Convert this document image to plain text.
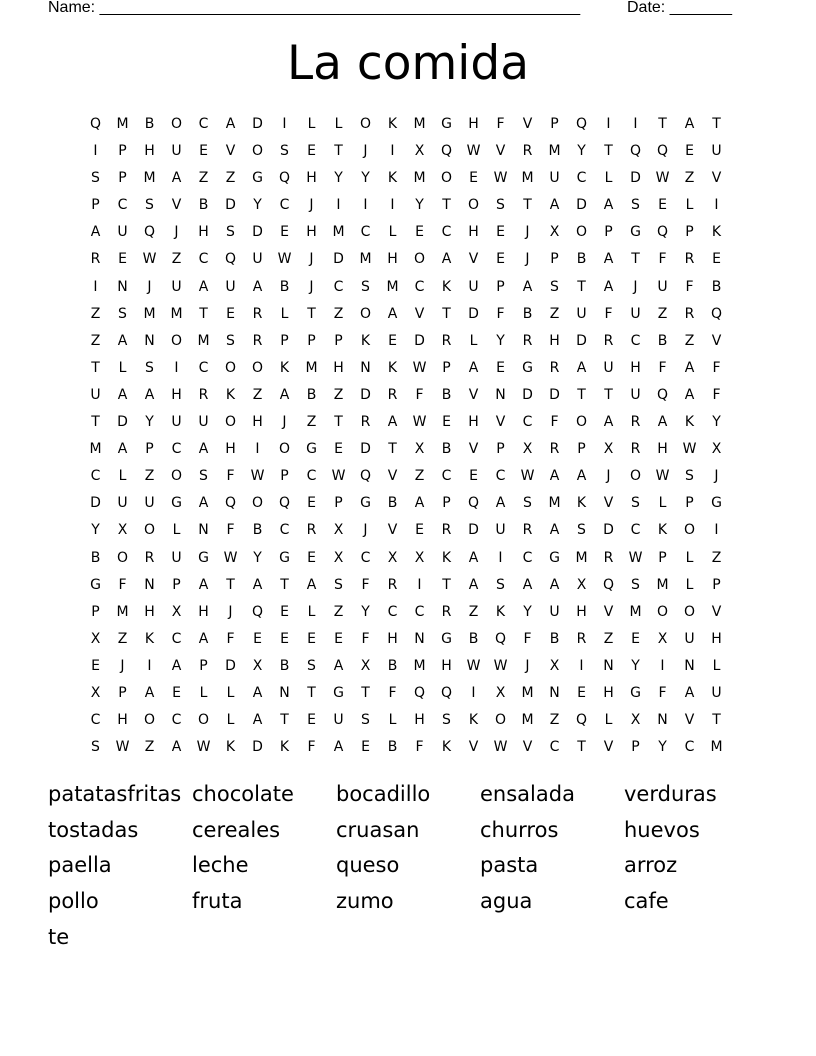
Name: ______________________________________________________	Date: _______
La comida
Q	M	B	O	C	A	D	I	L	L	O	K	M	G	H	F	V	P	Q	I	I	T	A	T
I	P	H	U	E	V	O	S	E	T	J	I	X	Q	W	V	R	M	Y	T	Q	Q	E	U
S	P	M	A	Z	Z	G	Q	H	Y	Y	K	M	O	E	W	M	U	C	L	D	W	Z	V
P	C	S	V	B	D	Y	C	J	I	I	I	Y	T	O	S	T	A	D	A	S	E	L	I
A	U	Q	J	H	S	D	E	H	M	C	L	E	C	H	E	J	X	O	P	G	Q	P	K
R	E	W	Z	C	Q	U	W	J	D	M	H	O	A	V	E	J	P	B	A	T	F	R	E
I	N	J	U	A	U	A	B	J	C	S	M	C	K	U	P	A	S	T	A	J	U	F	B
Z	S	M	M	T	E	R	L	T	Z	O	A	V	T	D	F	B	Z	U	F	U	Z	R	Q
Z	A	N	O	M	S	R	P	P	P	K	E	D	R	L	Y	R	H	D	R	C	B	Z	V
T	L	S	I	C	O	O	K	M	H	N	K	W	P	A	E	G	R	A	U	H	F	A	F
U	A	A	H	R	K	Z	A	B	Z	D	R	F	B	V	N	D	D	T	T	U	Q	A	F
T	D	Y	U	U	O	H	J	Z	T	R	A	W	E	H	V	C	F	O	A	R	A	K	Y
M	A	P	C	A	H	I	O	G	E	D	T	X	B	V	P	X	R	P	X	R	H	W	X
C	L	Z	O	S	F	W	P	C	W	Q	V	Z	C	E	C	W	A	A	J	O	W	S	J
D	U	U	G	A	Q	O	Q	E	P	G	B	A	P	Q	A	S	M	K	V	S	L	P	G
Y	X	O	L	N	F	B	C	R	X	J	V	E	R	D	U	R	A	S	D	C	K	O	I
B	O	R	U	G	W	Y	G	E	X	C	X	X	K	A	I	C	G	M	R	W	P	L	Z
G	F	N	P	A	T	A	T	A	S	F	R	I	T	A	S	A	A	X	Q	S	M	L	P
P	M	H	X	H	J	Q	E	L	Z	Y	C	C	R	Z	K	Y	U	H	V	M	O	O	V
X	Z	K	C	A	F	E	E	E	E	F	H	N	G	B	Q	F	B	R	Z	E	X	U	H
E	J	I	A	P	D	X	B	S	A	X	B	M	H	W W	J	X	I	N	Y	I	N	L
X	P	A	E	L	L	A	N	T	G	T	F	Q	Q	I	X	M	N	E	H	G	F	A	U
C	H	O	C	O	L	A	T	E	U	S	L	H	S	K	O	M	Z	Q	L	X	N	V	T
S	W	Z	A	W	K	D	K	F	A	E	B	F	K	V	W	V	C	T	V	P	Y	C	M
patatasfritas chocolate	bocadillo	ensalada	verduras
tostadas	cereales	cruasan	churros	huevos
paella	leche	queso	pasta	arroz
pollo	fruta	zumo	agua	cafe
te
